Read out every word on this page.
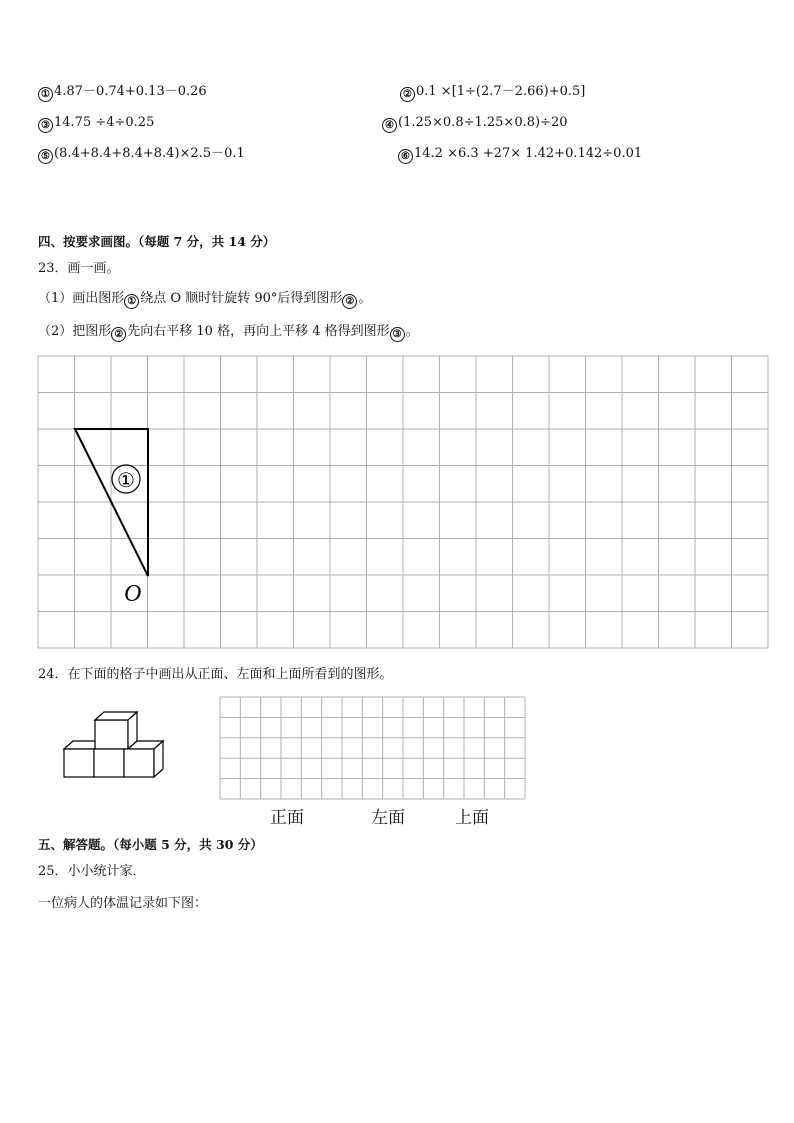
① 4.87－0.74+0.13－0.26	② 0.1 ×[1÷(2.7－2.66)+0.5]
③ 14.75 ÷4÷0.25	④ (1.25×0.8÷1.25×0.8)÷20
⑤ (8.4+8.4+8.4+8.4)×2.5－0.1	⑥ 14.2 ×6.3 +27× 1.42+0.142÷0.01
四、按要求画图。（每题 7 分，共 14 分）
23．画一画。
（1）画出图形 ① 绕点 O 顺时针旋转 90°后得到图形 ② 。
（2）把图形 ② 先向右平移 10 格，再向上平移 4 格得到图形 ③ 。
①
O
24．在下面的格子中画出从正面、左面和上面所看到的图形。
正面	左面	上面
五、解答题。（每小题 5 分，共 30 分）
25．小小统计家．
一位病人的体温记录如下图：
